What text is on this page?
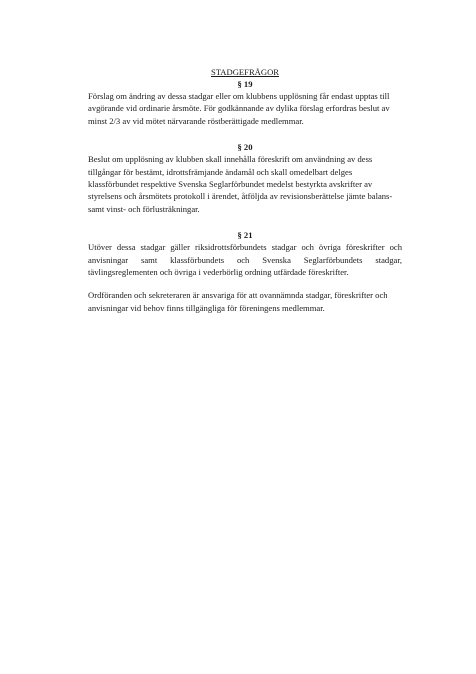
STADGEFRÅGOR

§ 19

Förslag om ändring av dessa stadgar eller om klubbens upplösning får endast upptas till
avgörande vid ordinarie årsmöte. För godkännande av dylika förslag erfordras beslut av
minst 2/3 av vid mötet närvarande röstberättigade medlemmar.

§ 20

Beslut om upplösning av klubben skall innehålla föreskrift om användning av dess
tillgångar för bestämt, idrottsfrämjande ändamål och skall omedelbart delges
klassförbundet respektive Svenska Seglarförbundet medelst bestyrkta avskrifter av
styrelsens och årsmötets protokoll i ärendet, åtföljda av revisionsberättelse jämte balans-
samt vinst- och förlusträkningar.

§ 21

Utöver dessa stadgar gäller riksidrottsförbundets stadgar och övriga föreskrifter och
anvisningar samt klassförbundets och Svenska Seglarförbundets stadgar,
tävlingsreglementen och övriga i vederbörlig ordning utfärdade föreskrifter.
Ordföranden och sekreteraren är ansvariga för att ovannämnda stadgar, föreskrifter och
anvisningar vid behov finns tillgängliga för föreningens medlemmar.
